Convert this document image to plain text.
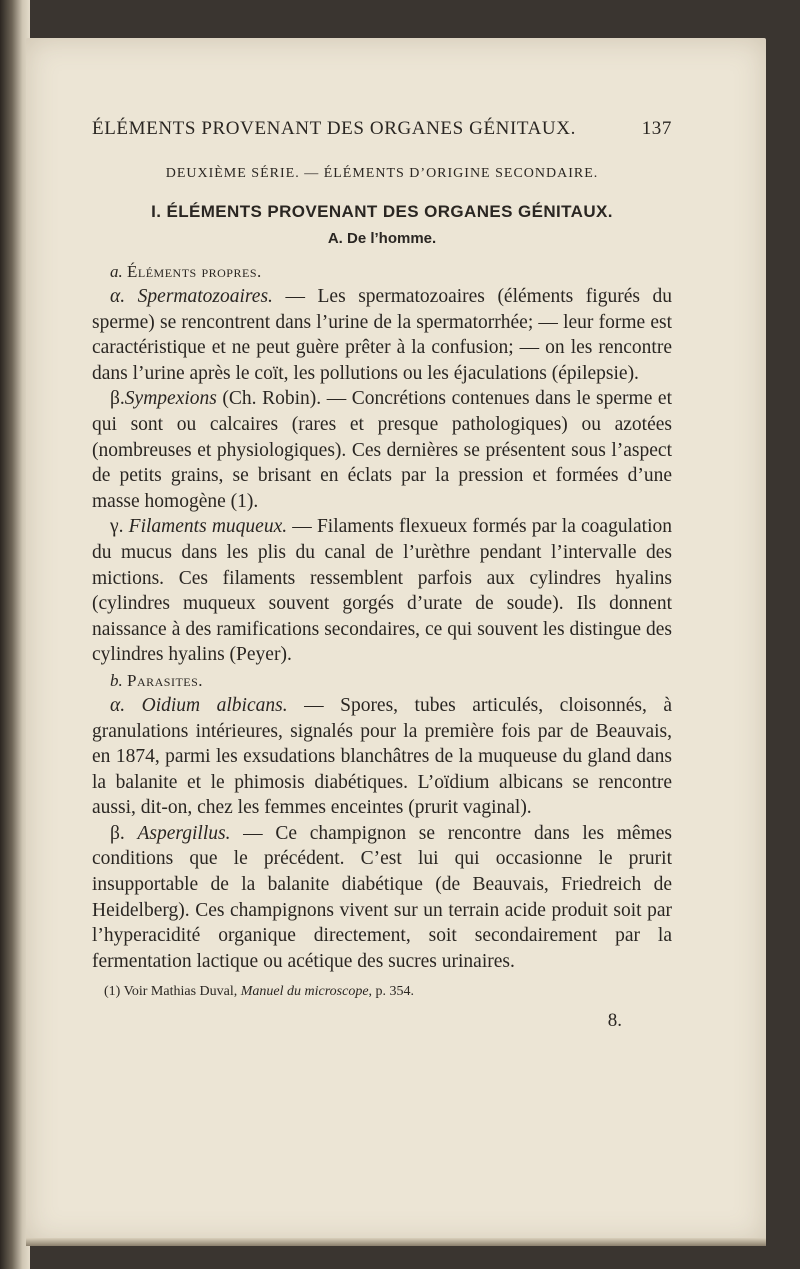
ÉLÉMENTS PROVENANT DES ORGANES GÉNITAUX.	137
DEUXIÈME SÉRIE. — ÉLÉMENTS D’ORIGINE SECONDAIRE.
I. ÉLÉMENTS PROVENANT DES ORGANES GÉNITAUX.
A. De l’homme.
a. Éléments propres.

α. Spermatozoaires. — Les spermatozoaires (éléments figurés du sperme) se rencontrent dans l’urine de la spermatorrhée; — leur forme est caractéristique et ne peut guère prêter à la confusion; — on les rencontre dans l’urine après le coït, les pollutions ou les éjaculations (épilepsie).

β.Sympexions (Ch. Robin). — Concrétions contenues dans le sperme et qui sont ou calcaires (rares et presque pathologiques) ou azotées (nombreuses et physiologiques). Ces dernières se présentent sous l’aspect de petits grains, se brisant en éclats par la pression et formées d’une masse homogène (1).

γ. Filaments muqueux. — Filaments flexueux formés par la coagulation du mucus dans les plis du canal de l’urèthre pendant l’intervalle des mictions. Ces filaments ressemblent parfois aux cylindres hyalins (cylindres muqueux souvent gorgés d’urate de soude). Ils donnent naissance à des ramifications secondaires, ce qui souvent les distingue des cylindres hyalins (Peyer).

b. Parasites.

α. Oidium albicans. — Spores, tubes articulés, cloisonnés, à granulations intérieures, signalés pour la première fois par de Beauvais, en 1874, parmi les exsudations blanchâtres de la muqueuse du gland dans la balanite et le phimosis diabétiques. L’oïdium albicans se rencontre aussi, dit-on, chez les femmes enceintes (prurit vaginal).

β. Aspergillus. — Ce champignon se rencontre dans les mêmes conditions que le précédent. C’est lui qui occasionne le prurit insupportable de la balanite diabétique (de Beauvais, Friedreich de Heidelberg). Ces champignons vivent sur un terrain acide produit soit par l’hyperacidité organique directement, soit secondairement par la fermentation lactique ou acétique des sucres urinaires.

(1) Voir Mathias Duval, Manuel du microscope, p. 354.
8.
